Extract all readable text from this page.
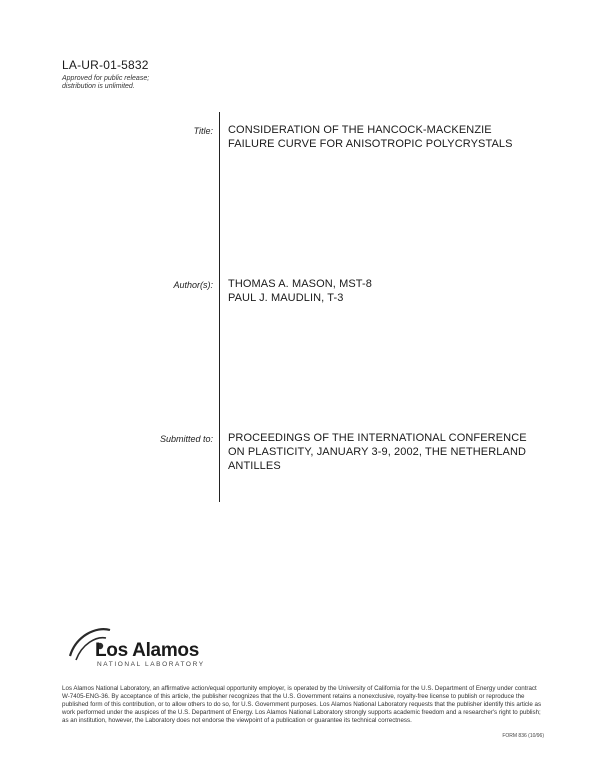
LA-UR-01-5832
Approved for public release;
distribution is unlimited.
Title: CONSIDERATION OF THE HANCOCK-MACKENZIE
FAILURE CURVE FOR ANISOTROPIC POLYCRYSTALS
Author(s): THOMAS A. MASON, MST-8
PAUL J. MAUDLIN, T-3
Submitted to: PROCEEDINGS OF THE INTERNATIONAL CONFERENCE
ON PLASTICITY, JANUARY 3-9, 2002, THE NETHERLAND
ANTILLES
Los Alamos
NATIONAL LABORATORY
Los Alamos National Laboratory, an affirmative action/equal opportunity employer, is operated by the University of California for the U.S. Department of Energy under contract W-7405-ENG-36. By acceptance of this article, the publisher recognizes that the U.S. Government retains a nonexclusive, royalty-free license to publish or reproduce the published form of this contribution, or to allow others to do so, for U.S. Government purposes. Los Alamos National Laboratory requests that the publisher identify this article as work performed under the auspices of the U.S. Department of Energy. Los Alamos National Laboratory strongly supports academic freedom and a researcher's right to publish; as an institution, however, the Laboratory does not endorse the viewpoint of a publication or guarantee its technical correctness.
FORM 836 (10/96)
